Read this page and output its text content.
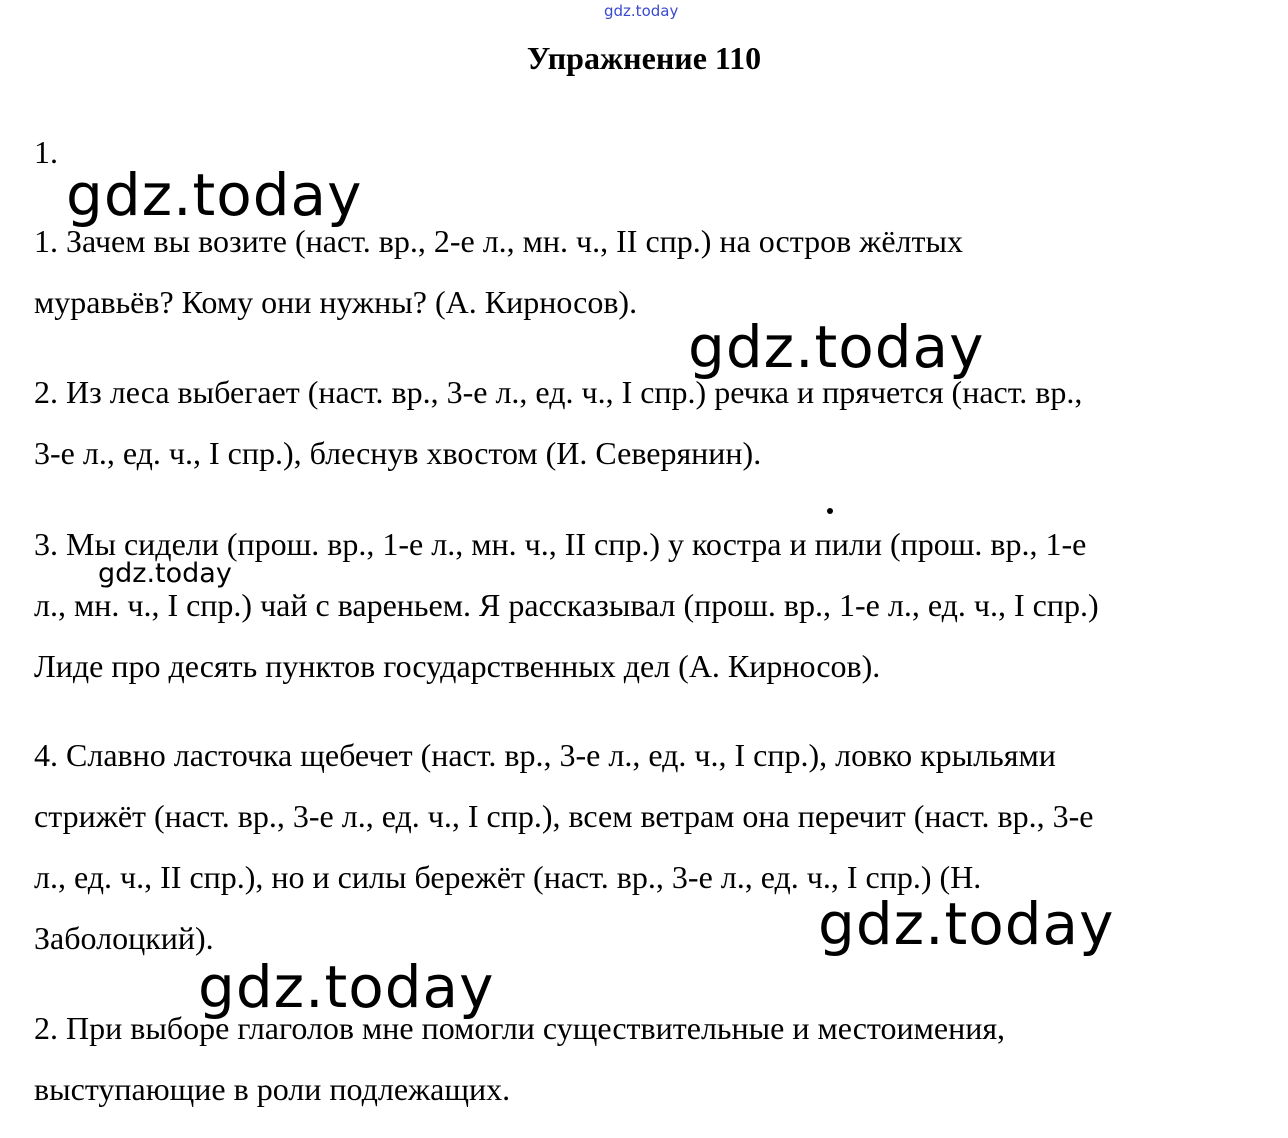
gdz.today
Упражнение 110
1.
gdz.today
1. Зачем вы возите (наст. вр., 2-е л., мн. ч., II спр.) на остров жёлтых
муравьёв? Кому они нужны? (А. Кирносов).
gdz.today
2. Из леса выбегает (наст. вр., 3-е л., ед. ч., I спр.) речка и прячется (наст. вр.,
3-е л., ед. ч., I спр.), блеснув хвостом (И. Северянин).
3. Мы сидели (прош. вр., 1-е л., мн. ч., II спр.) у костра и пили (прош. вр., 1-е
gdz.today
л., мн. ч., I спр.) чай с вареньем. Я рассказывал (прош. вр., 1-е л., ед. ч., I спр.)
Лиде про десять пунктов государственных дел (А. Кирносов).
4. Славно ласточка щебечет (наст. вр., 3-е л., ед. ч., I спр.), ловко крыльями
стрижёт (наст. вр., 3-е л., ед. ч., I спр.), всем ветрам она перечит (наст. вр., 3-е
л., ед. ч., II спр.), но и силы бережёт (наст. вр., 3-е л., ед. ч., I спр.) (Н.
Заболоцкий).	gdz.today
gdz.today
2. При выборе глаголов мне помогли существительные и местоимения,
выступающие в роли подлежащих.
